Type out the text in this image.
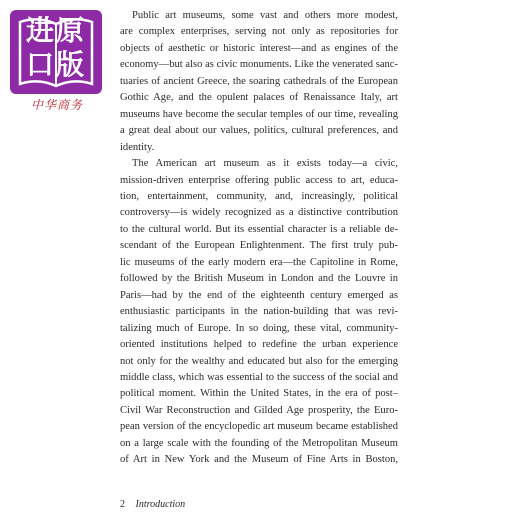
进原
口版
中华商务
Public art museums, some vast and others more modest,
are complex enterprises, serving not only as repositories for
objects of aesthetic or historic interest—and as engines of the
economy—but also as civic monuments. Like the venerated sanc-
tuaries of ancient Greece, the soaring cathedrals of the European
Gothic Age, and the opulent palaces of Renaissance Italy, art
museums have become the secular temples of our time, revealing
a great deal about our values, politics, cultural preferences, and
identity.
The American art museum as it exists today—a civic,
mission-driven enterprise offering public access to art, educa-
tion, entertainment, community, and, increasingly, political
controversy—is widely recognized as a distinctive contribution
to the cultural world. But its essential character is a reliable de-
scendant of the European Enlightenment. The first truly pub-
lic museums of the early modern era—the Capitoline in Rome,
followed by the British Museum in London and the Louvre in
Paris—had by the end of the eighteenth century emerged as
enthusiastic participants in the nation-building that was revi-
talizing much of Europe. In so doing, these vital, community-
oriented institutions helped to redefine the urban experience
not only for the wealthy and educated but also for the emerging
middle class, which was essential to the success of the social and
political moment. Within the United States, in the era of post–
Civil War Reconstruction and Gilded Age prosperity, the Euro-
pean version of the encyclopedic art museum became established
on a large scale with the founding of the Metropolitan Museum
of Art in New York and the Museum of Fine Arts in Boston,
2 Introduction
